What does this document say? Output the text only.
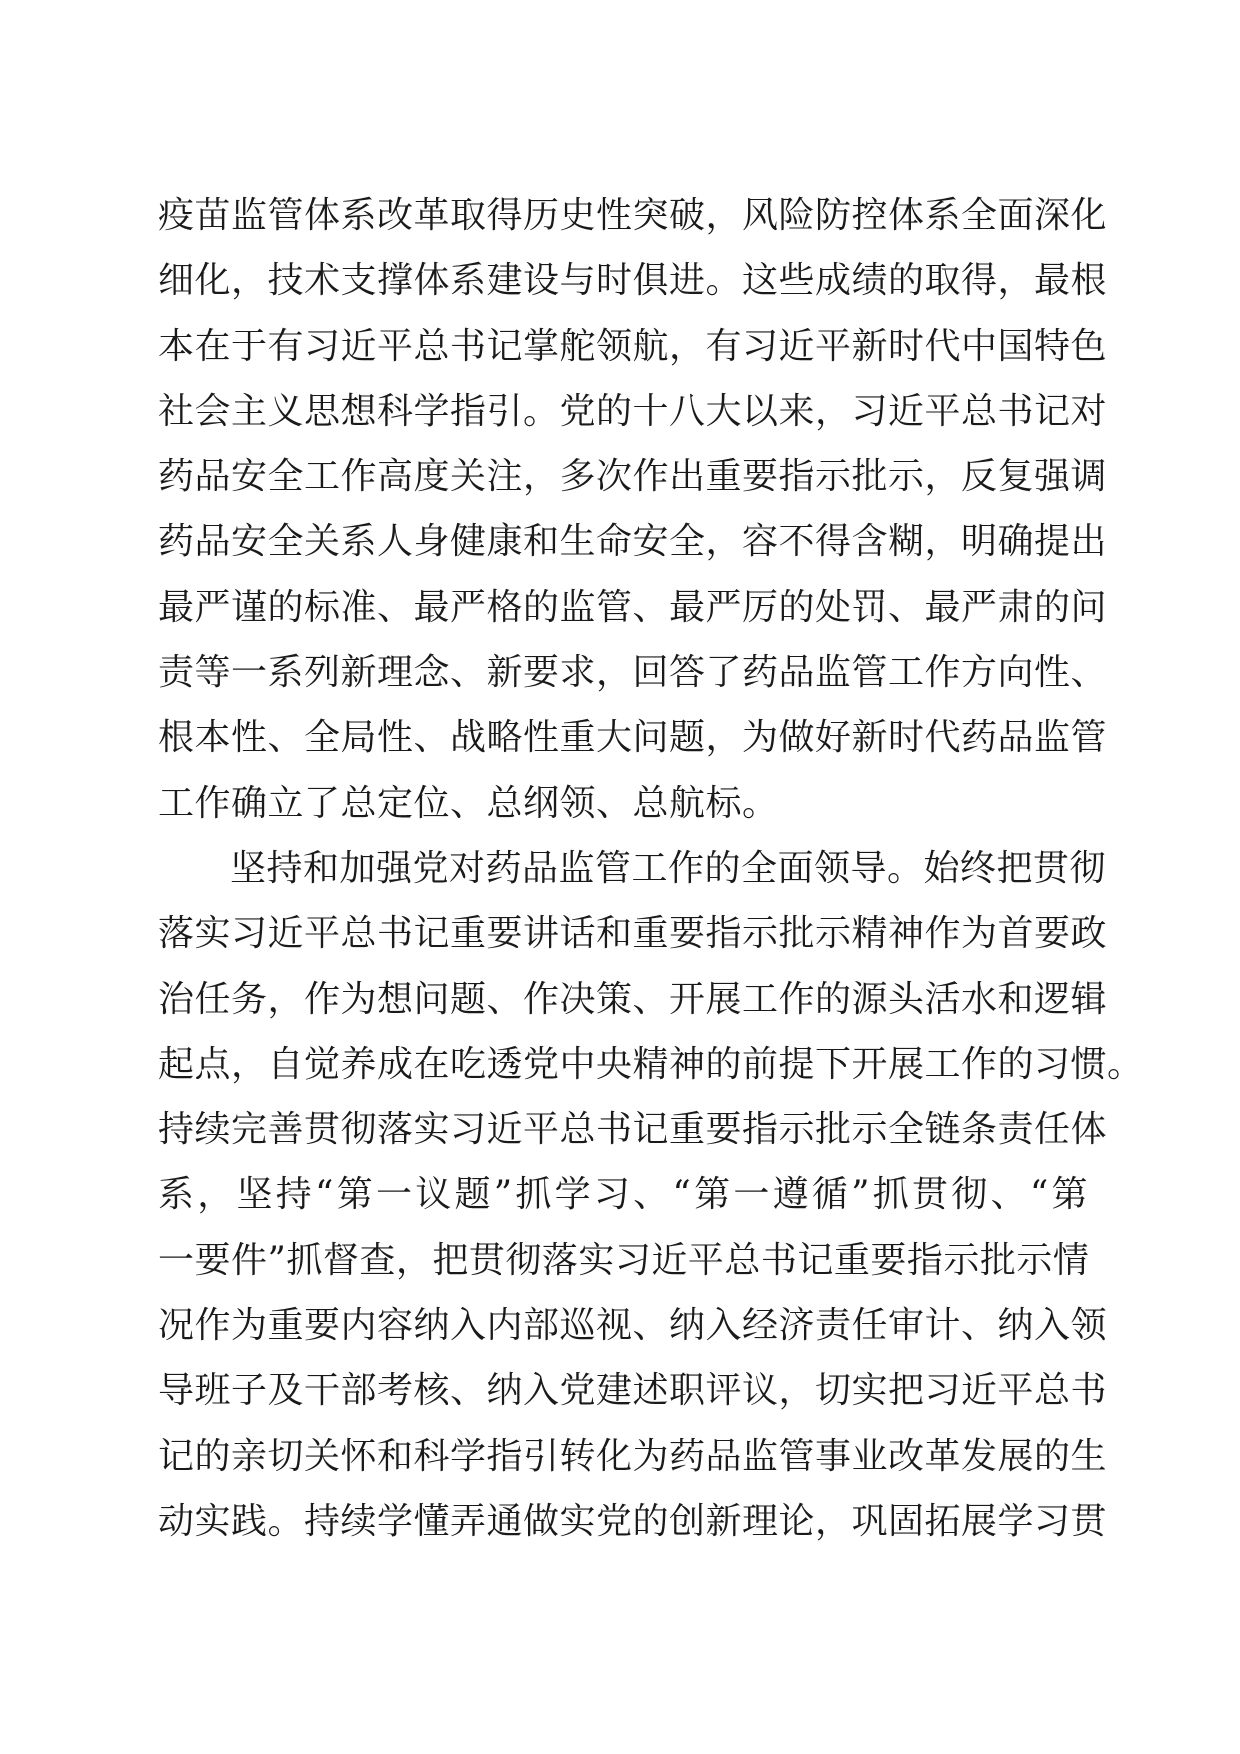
疫苗监管体系改革取得历史性突破，风险防控体系全面深化
细化，技术支撑体系建设与时俱进。这些成绩的取得，最根
本在于有习近平总书记掌舵领航，有习近平新时代中国特色
社会主义思想科学指引。党的十八大以来，习近平总书记对
药品安全工作高度关注，多次作出重要指示批示，反复强调
药品安全关系人身健康和生命安全，容不得含糊，明确提出
最严谨的标准、最严格的监管、最严厉的处罚、最严肃的问
责等一系列新理念、新要求，回答了药品监管工作方向性、
根本性、全局性、战略性重大问题，为做好新时代药品监管
工作确立了总定位、总纲领、总航标。
坚持和加强党对药品监管工作的全面领导。始终把贯彻
落实习近平总书记重要讲话和重要指示批示精神作为首要政
治任务，作为想问题、作决策、开展工作的源头活水和逻辑
起点，自觉养成在吃透党中央精神的前提下开展工作的习惯。
持续完善贯彻落实习近平总书记重要指示批示全链条责任体
系，坚持“第一议题”抓学习、“第一遵循”抓贯彻、“第
一要件”抓督查，把贯彻落实习近平总书记重要指示批示情
况作为重要内容纳入内部巡视、纳入经济责任审计、纳入领
导班子及干部考核、纳入党建述职评议，切实把习近平总书
记的亲切关怀和科学指引转化为药品监管事业改革发展的生
动实践。持续学懂弄通做实党的创新理论，巩固拓展学习贯
